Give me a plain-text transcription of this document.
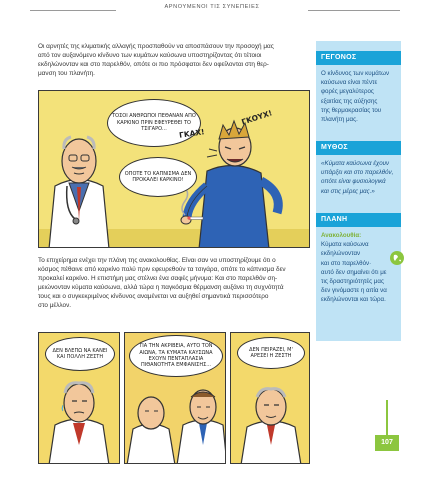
ΑΡΝΟΥΜΕΝΟΙ ΤΙΣ ΣΥΝΕΠΕΙΕΣ
Οι αρνητές της κλιματικής αλλαγής προσπαθούν να αποσπάσουν την προσοχή μας
από τον αυξανόμενο κίνδυνο των κυμάτων καύσωνα υποστηρίζοντας ότι τέτοιοι
εκδηλώνονταν και στο παρελθόν, οπότε οι πιο πρόσφατοι δεν οφείλονται στη θερ-
μανση του πλανήτη.
ΤΟΣΟΙ ΑΝΘΡΩΠΟΙ ΠΕΘΑΝΑΝ ΑΠΟ ΚΑΡΚΙΝΟ ΠΡΙΝ ΕΦΕΥΡΕΘΕΙ ΤΟ ΤΣΙΓΑΡΟ...
ΟΠΟΤΕ ΤΟ ΚΑΠΝΙΣΜΑ ΔΕΝ ΠΡΟΚΑΛΕΙ ΚΑΡΚΙΝΟ!
ΓΚΑΧ!
ΓΚΟΥΧ!
Το επιχείρημα ενέχει την πλάνη της ανακολουθίας. Είναι σαν να υποστηρίζουμε ότι ο
κόσμος πέθαινε από καρκίνο πολύ πριν εφευρεθούν τα τσιγάρα, οπότε το κάπνισμα δεν
προκαλεί καρκίνο. Η επιστήμη μας στέλνει ένα σαφές μήνυμα: Και στο παρελθόν ση-
μειώνονταν κύματα καύσωνα, αλλά τώρα η παγκόσμια θέρμανση αυξάνει τη συχνότητά
τους και ο συγκεκριμένος κίνδυνος αναμένεται να αυξηθεί σημαντικά περισσότερο
στο μέλλον.
ΔΕΝ ΒΛΕΠΩ ΝΑ ΚΑΝΕΙ ΚΑΙ ΠΟΛΛΗ ΖΕΣΤΗ
ΓΙΑ ΤΗΝ ΑΚΡΙΒΕΙΑ, ΑΥΤΟ ΤΟΝ ΑΙΩΝΑ, ΤΑ ΚΥΜΑΤΑ ΚΑΥΣΩΝΑ ΕΧΟΥΝ ΠΕΝΤΑΠΛΑΣΙΑ ΠΙΘΑΝΟΤΗΤΑ ΕΜΦΑΝΙΣΗΣ...
ΔΕΝ ΠΕΙΡΑΖΕΙ, Μ' ΑΡΕΣΕΙ Η ΖΕΣΤΗ
ΓΕΓΟΝΟΣ
Ο κίνδυνος των κυμάτων
καύσωνα είναι πέντε
φορές μεγαλύτερος
εξαιτίας της αύξησης
της θερμοκρασίας του
πλανήτη μας.
ΜΥΘΟΣ
«Κύματα καύσωνα έχουν
υπάρξει και στο παρελθόν,
οπότε είναι φυσιολογικά
και στις μέρες μας.»
ΠΛΑΝΗ
Ανακολουθία:
Κύματα καύσωνα
εκδηλώνονταν
και στο παρελθόν·
αυτό δεν σημαίνει ότι με
τις δραστηριότητές μας
δεν γινόμαστε η αιτία να
εκδηλώνονται και τώρα.
107
